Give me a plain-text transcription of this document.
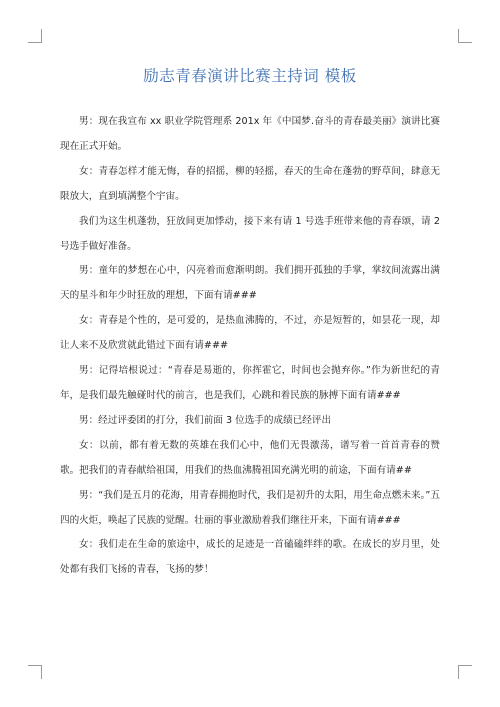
励志青春演讲比赛主持词 模板

男：现在我宣布 xx 职业学院管理系 201x 年《中国梦.奋斗的青春最美丽》演讲比赛现在正式开始。

女：青春怎样才能无悔，春的招摇，柳的轻摇，春天的生命在蓬勃的野草间，肆意无限放大，直到填满整个宇宙。

我们为这生机蓬勃，狂放间更加悸动，接下来有请 1 号选手班带来他的青春颂，请 2 号选手做好准备。

男：童年的梦想在心中，闪亮着而愈渐明朗。我们拥开孤独的手掌，掌纹间流露出满天的星斗和年少时狂放的理想，下面有请###

女：青春是个性的，是可爱的，是热血沸腾的，不过，亦是短暂的，如昙花一现，却让人来不及欣赏就此错过下面有请###

男：记得培根说过：“青春是易逝的，你挥霍它，时间也会抛弃你。”作为新世纪的青年，是我们最先触碰时代的前言，也是我们，心跳和着民族的脉搏下面有请###

男：经过评委团的打分，我们前面 3 位选手的成绩已经评出

女：以前，都有着无数的英雄在我们心中，他们无畏激荡，谱写着一首首青春的赞歌。把我们的青春献给祖国，用我们的热血沸腾祖国充满光明的前途，下面有请##

男：“我们是五月的花海，用青春拥抱时代，我们是初升的太阳，用生命点燃未来。”五四的火炬，唤起了民族的觉醒。壮丽的事业激励着我们继往开来，下面有请###

女：我们走在生命的旅途中，成长的足迹是一首磕磕绊绊的歌。在成长的岁月里，处处都有我们飞扬的青春，飞扬的梦！
